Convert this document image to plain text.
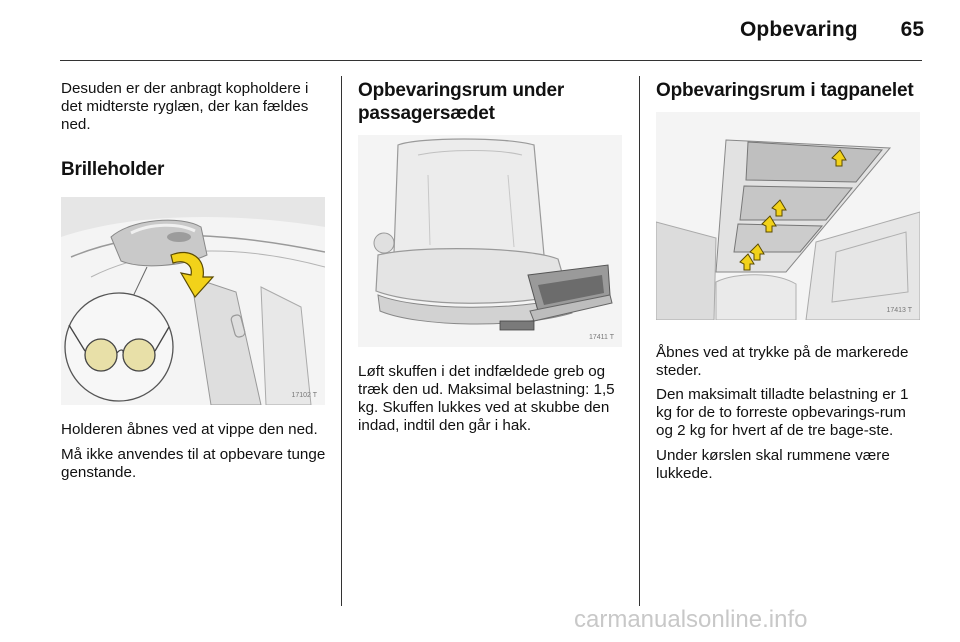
Opbevaring	65

Desuden er der anbragt kopholdere i det midterste ryglæn, der kan fældes ned.

Brilleholder

17102 T

Holderen åbnes ved at vippe den ned.

Må ikke anvendes til at opbevare tunge genstande.

Opbevaringsrum under passagersædet

17411 T

Løft skuffen i det indfældede greb og træk den ud. Maksimal belastning: 1,5 kg. Skuffen lukkes ved at skubbe den indad, indtil den går i hak.

Opbevaringsrum i tagpanelet

17413 T

Åbnes ved at trykke på de markerede steder.

Den maksimalt tilladte belastning er 1 kg for de to forreste opbevarings-rum og 2 kg for hvert af de tre bage-ste.

Under kørslen skal rummene være lukkede.

carmanualsonline.info
